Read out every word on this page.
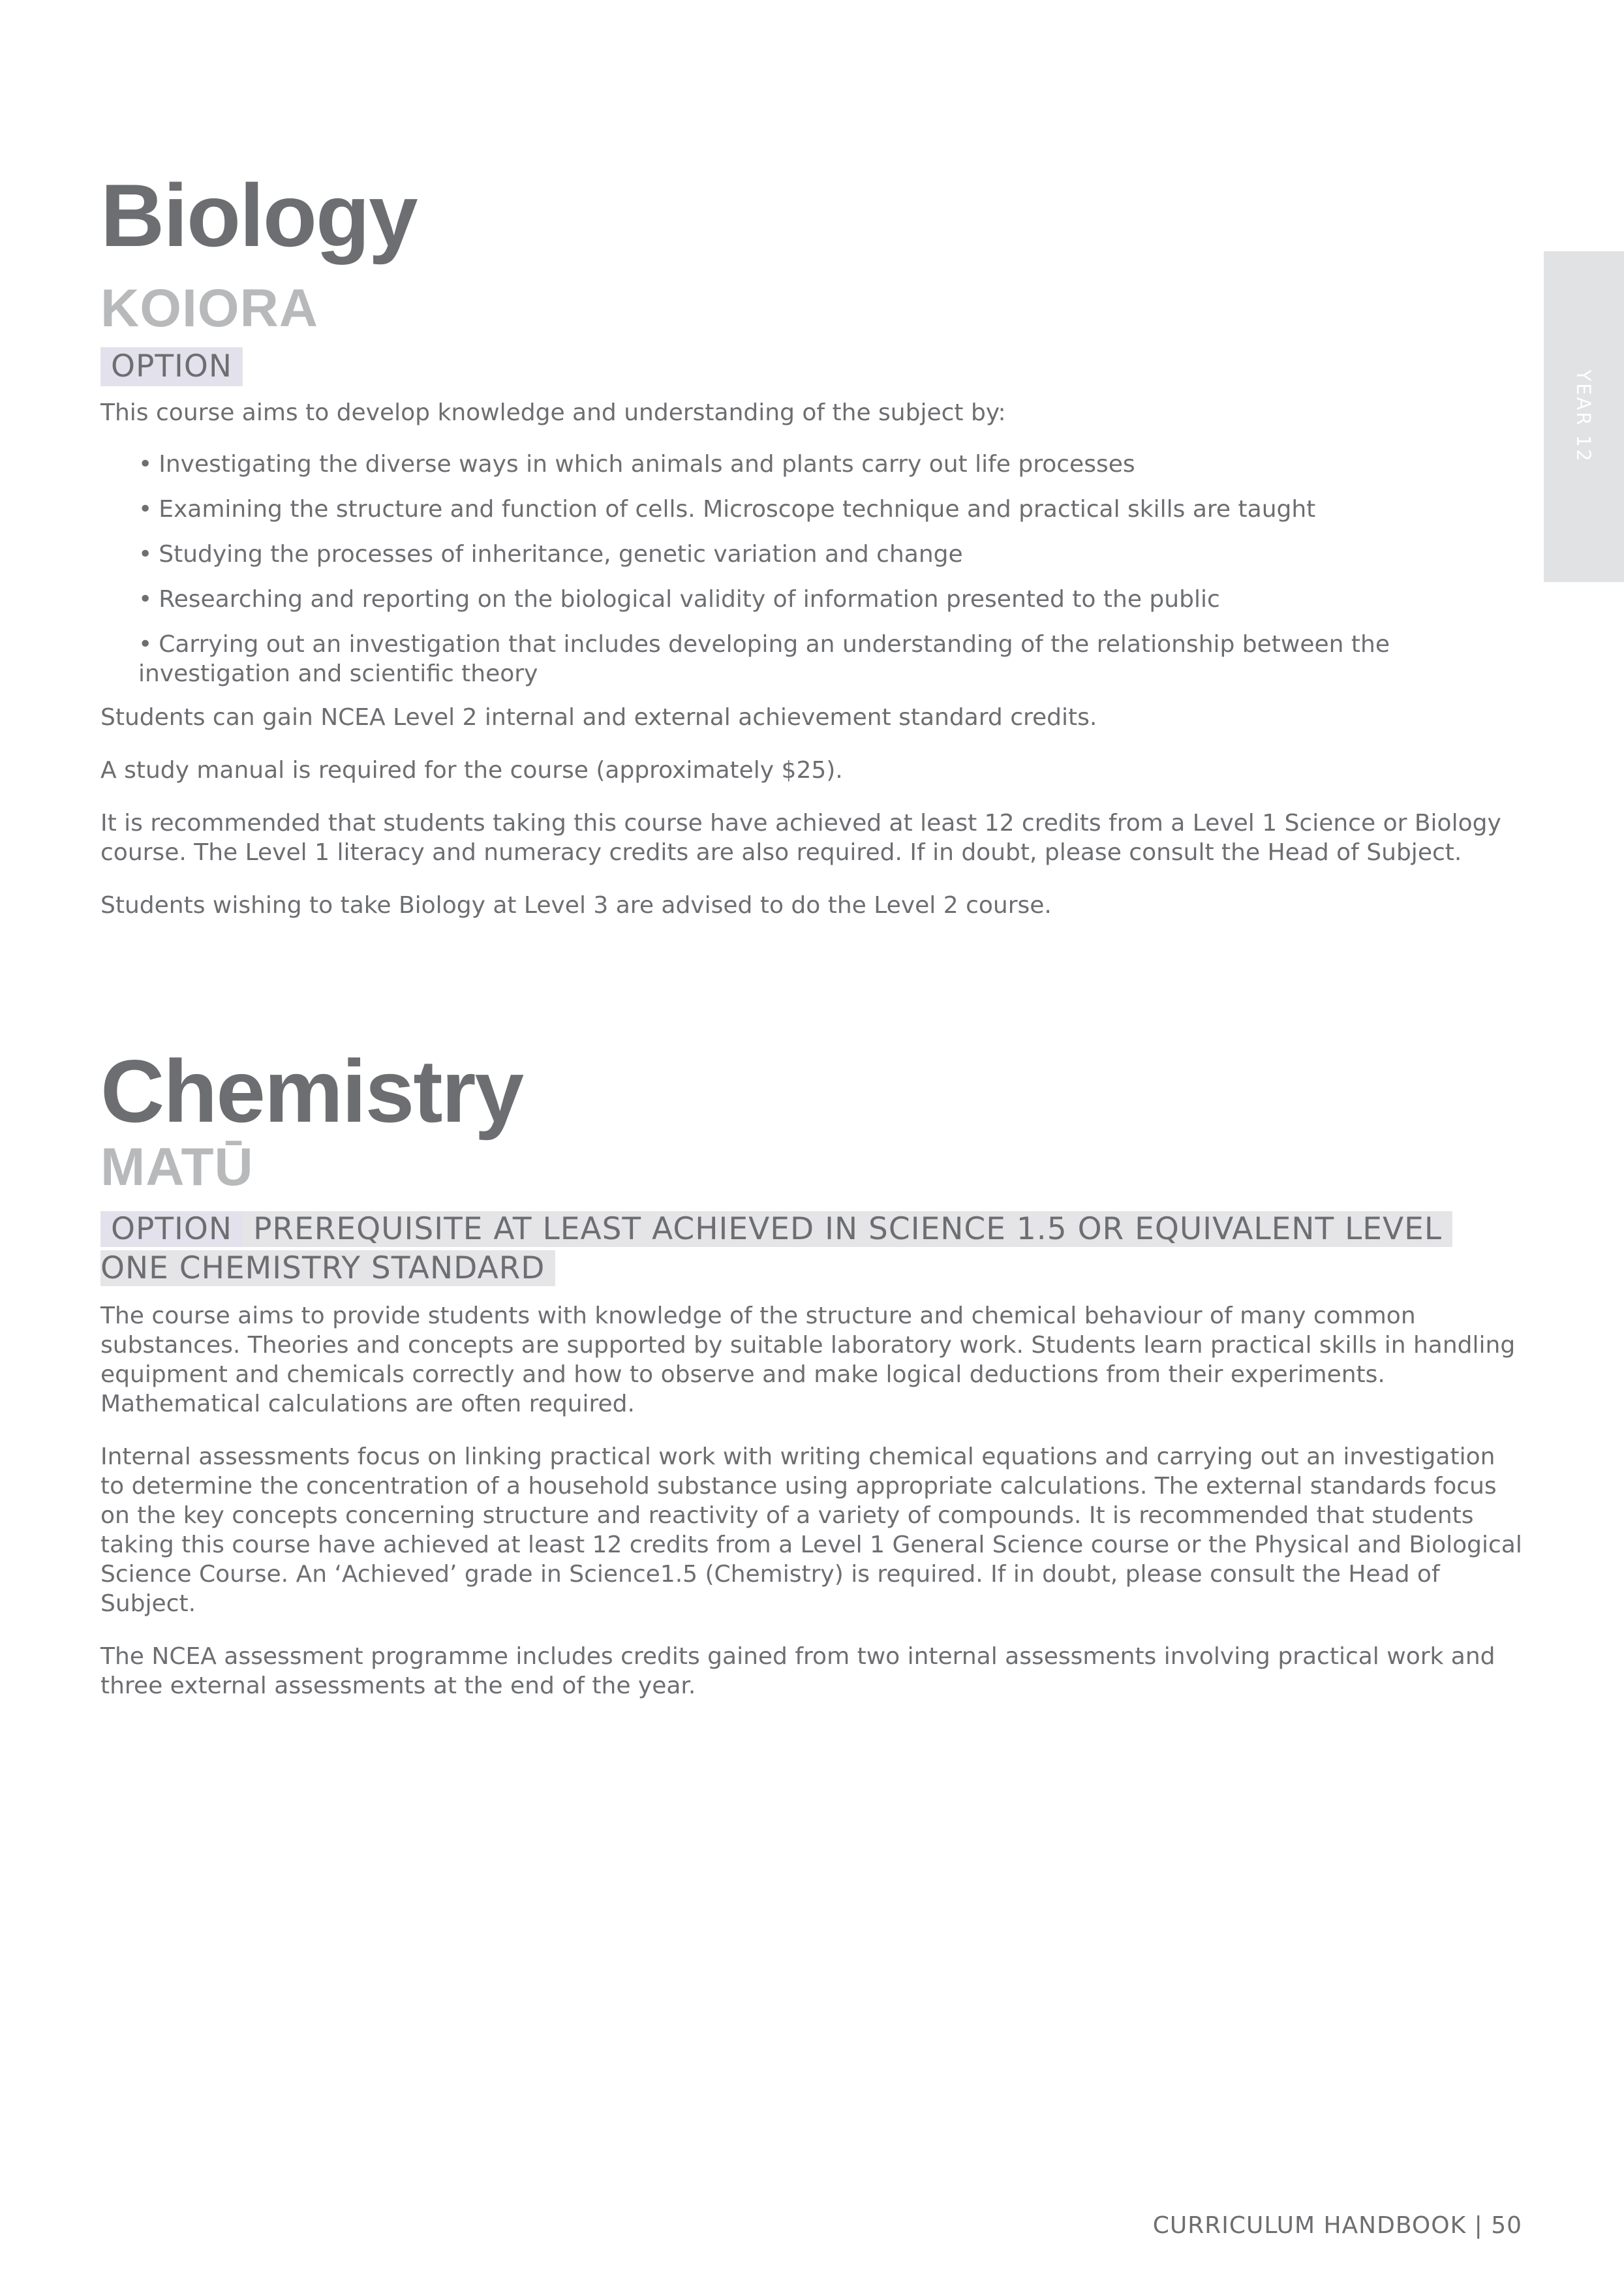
YEAR 12
Biology
KOIORA
OPTION

This course aims to develop knowledge and understanding of the subject by:

• Investigating the diverse ways in which animals and plants carry out life processes
• Examining the structure and function of cells. Microscope technique and practical skills are taught
• Studying the processes of inheritance, genetic variation and change
• Researching and reporting on the biological validity of information presented to the public
• Carrying out an investigation that includes developing an understanding of the relationship between the investigation and scientific theory

Students can gain NCEA Level 2 internal and external achievement standard credits.

A study manual is required for the course (approximately $25).

It is recommended that students taking this course have achieved at least 12 credits from a Level 1 Science or Biology course. The Level 1 literacy and numeracy credits are also required. If in doubt, please consult the Head of Subject.

Students wishing to take Biology at Level 3 are advised to do the Level 2 course.

Chemistry
MATŪ
OPTION PREREQUISITE AT LEAST ACHIEVED IN SCIENCE 1.5 OR EQUIVALENT LEVEL
ONE CHEMISTRY STANDARD

The course aims to provide students with knowledge of the structure and chemical behaviour of many common substances. Theories and concepts are supported by suitable laboratory work. Students learn practical skills in handling equipment and chemicals correctly and how to observe and make logical deductions from their experiments. Mathematical calculations are often required.

Internal assessments focus on linking practical work with writing chemical equations and carrying out an investigation to determine the concentration of a household substance using appropriate calculations. The external standards focus on the key concepts concerning structure and reactivity of a variety of compounds. It is recommended that students taking this course have achieved at least 12 credits from a Level 1 General Science course or the Physical and Biological Science Course. An ‘Achieved’ grade in Science1.5 (Chemistry) is required. If in doubt, please consult the Head of Subject.

The NCEA assessment programme includes credits gained from two internal assessments involving practical work and three external assessments at the end of the year.

CURRICULUM HANDBOOK | 50
